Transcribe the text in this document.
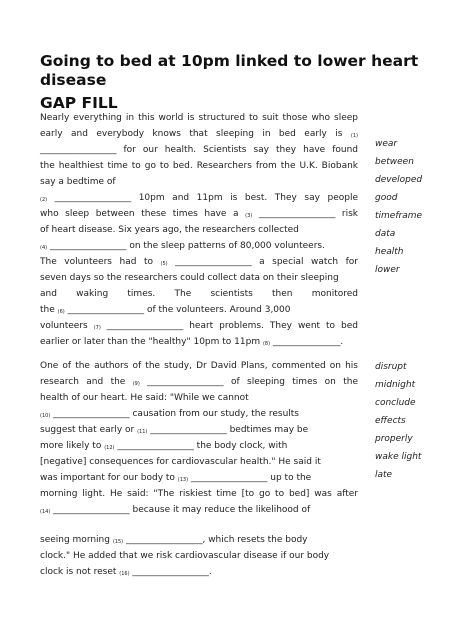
Going to bed at 10pm linked to lower heart disease
GAP FILL

Nearly everything in this world is structured to suit those who sleep

early and everybody knows that sleeping in bed early is $_{(1)}$

_________________ for our health. Scientists say they have found

the healthiest time to go to bed. Researchers from the U.K. Biobank

say a bedtime of

$_{(2)}$ _________________ 10pm and 11pm is best. They say people

who sleep between these times have a $_{(3)}$ _________________ risk

of heart disease. Six years ago, the researchers collected

$_{(4)}$ _________________ on the sleep patterns of 80,000 volunteers.

The volunteers had to $_{(5)}$ _________________ a special watch for

seven days so the researchers could collect data on their sleeping

and waking times. The scientists then monitored

the $_{(6)}$ _________________ of the volunteers. Around 3,000

volunteers $_{(7)}$ _________________ heart problems. They went to bed

earlier or later than the "healthy" 10pm to 11pm $_{(8)}$ _______________.

wear
between
developed
good
timeframe
data
health
lower

One of the authors of the study, Dr David Plans, commented on his

research and the $_{(9)}$ _________________ of sleeping times on the

health of our heart. He said: "While we cannot

$_{(10)}$ _________________ causation from our study, the results

suggest that early or $_{(11)}$ _________________ bedtimes may be

more likely to $_{(12)}$ _________________ the body clock, with

[negative] consequences for cardiovascular health." He said it

was important for our body to $_{(13)}$ _________________ up to the

morning light. He said: "The riskiest time [to go to bed] was after

$_{(14)}$ _________________ because it may reduce the likelihood of

seeing morning $_{(15)}$ _________________, which resets the body

clock." He added that we risk cardiovascular disease if our body

clock is not reset $_{(16)}$ _________________.

disrupt
midnight
conclude
effects
properly
wake light
late
